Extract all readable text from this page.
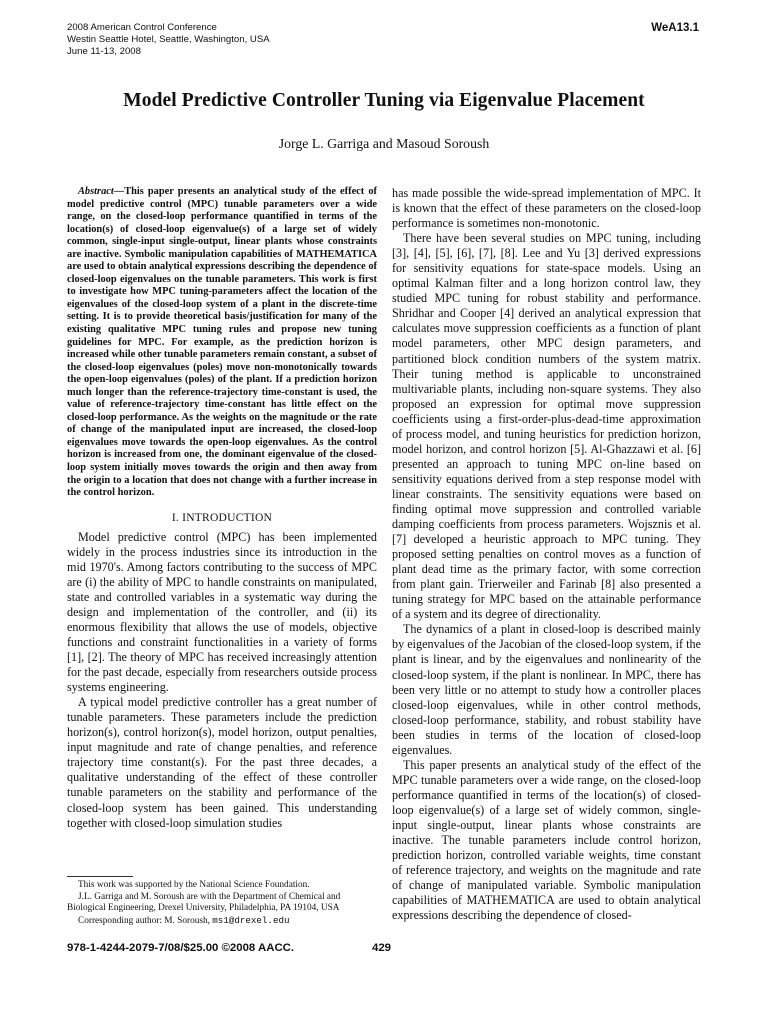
2008 American Control Conference
Westin Seattle Hotel, Seattle, Washington, USA
June 11-13, 2008
WeA13.1
Model Predictive Controller Tuning via Eigenvalue Placement
Jorge L. Garriga and Masoud Soroush

Abstract—This paper presents an analytical study of the effect of model predictive control (MPC) tunable parameters over a wide range, on the closed-loop performance quantified in terms of the location(s) of closed-loop eigenvalue(s) of a large set of widely common, single-input single-output, linear plants whose constraints are inactive. Symbolic manipulation capabilities of MATHEMATICA are used to obtain analytical expressions describing the dependence of closed-loop eigenvalues on the tunable parameters. This work is first to investigate how MPC tuning-parameters affect the location of the eigenvalues of the closed-loop system of a plant in the discrete-time setting. It is to provide theoretical basis/justification for many of the existing qualitative MPC tuning rules and propose new tuning guidelines for MPC. For example, as the prediction horizon is increased while other tunable parameters remain constant, a subset of the closed-loop eigenvalues (poles) move non-monotonically towards the open-loop eigenvalues (poles) of the plant. If a prediction horizon much longer than the reference-trajectory time-constant is used, the value of reference-trajectory time-constant has little effect on the closed-loop performance. As the weights on the magnitude or the rate of change of the manipulated input are increased, the closed-loop eigenvalues move towards the open-loop eigenvalues. As the control horizon is increased from one, the dominant eigenvalue of the closed-loop system initially moves towards the origin and then away from the origin to a location that does not change with a further increase in the control horizon.

I. INTRODUCTION

Model predictive control (MPC) has been implemented widely in the process industries since its introduction in the mid 1970's. Among factors contributing to the success of MPC are (i) the ability of MPC to handle constraints on manipulated, state and controlled variables in a systematic way during the design and implementation of the controller, and (ii) its enormous flexibility that allows the use of models, objective functions and constraint functionalities in a variety of forms [1], [2]. The theory of MPC has received increasingly attention for the past decade, especially from researchers outside process systems engineering.

A typical model predictive controller has a great number of tunable parameters. These parameters include the prediction horizon(s), control horizon(s), model horizon, output penalties, input magnitude and rate of change penalties, and reference trajectory time constant(s). For the past three decades, a qualitative understanding of the effect of these controller tunable parameters on the stability and performance of the closed-loop system has been gained. This understanding together with closed-loop simulation studies

has made possible the wide-spread implementation of MPC. It is known that the effect of these parameters on the closed-loop performance is sometimes non-monotonic.

There have been several studies on MPC tuning, including [3], [4], [5], [6], [7], [8]. Lee and Yu [3] derived expressions for sensitivity equations for state-space models. Using an optimal Kalman filter and a long horizon control law, they studied MPC tuning for robust stability and performance. Shridhar and Cooper [4] derived an analytical expression that calculates move suppression coefficients as a function of plant model parameters, other MPC design parameters, and partitioned block condition numbers of the system matrix. Their tuning method is applicable to unconstrained multivariable plants, including non-square systems. They also proposed an expression for optimal move suppression coefficients using a first-order-plus-dead-time approximation of process model, and tuning heuristics for prediction horizon, model horizon, and control horizon [5]. Al-Ghazzawi et al. [6] presented an approach to tuning MPC on-line based on sensitivity equations derived from a step response model with linear constraints. The sensitivity equations were based on finding optimal move suppression and controlled variable damping coefficients from process parameters. Wojsznis et al. [7] developed a heuristic approach to MPC tuning. They proposed setting penalties on control moves as a function of plant dead time as the primary factor, with some correction from plant gain. Trierweiler and Farinab [8] also presented a tuning strategy for MPC based on the attainable performance of a system and its degree of directionality.

The dynamics of a plant in closed-loop is described mainly by eigenvalues of the Jacobian of the closed-loop system, if the plant is linear, and by the eigenvalues and nonlinearity of the closed-loop system, if the plant is nonlinear. In MPC, there has been very little or no attempt to study how a controller places closed-loop eigenvalues, while in other control methods, closed-loop performance, stability, and robust stability have been studies in terms of the location of closed-loop eigenvalues.

This paper presents an analytical study of the effect of the MPC tunable parameters over a wide range, on the closed-loop performance quantified in terms of the location(s) of closed-loop eigenvalue(s) of a large set of widely common, single-input single-output, linear plants whose constraints are inactive. The tunable parameters include control horizon, prediction horizon, controlled variable weights, time constant of reference trajectory, and weights on the magnitude and rate of change of manipulated variable. Symbolic manipulation capabilities of MATHEMATICA are used to obtain analytical expressions describing the dependence of closed-

This work was supported by the National Science Foundation.

J.L. Garriga and M. Soroush are with the Department of Chemical and Biological Engineering, Drexel University, Philadelphia, PA 19104, USA

Corresponding author: M. Soroush, ms1@drexel.edu

978-1-4244-2079-7/08/$25.00 ©2008 AACC.	429
